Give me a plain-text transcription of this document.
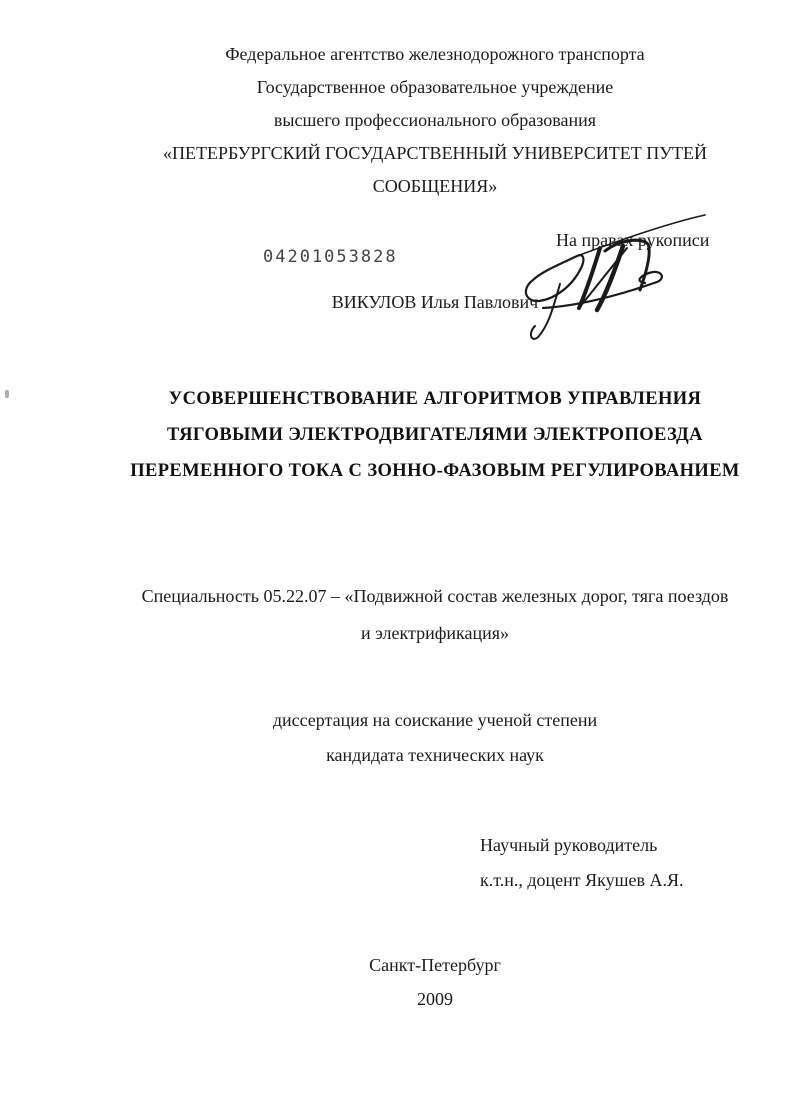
Федеральное агентство железнодорожного транспорта
Государственное образовательное учреждение
высшего профессионального образования
«ПЕТЕРБУРГСКИЙ ГОСУДАРСТВЕННЫЙ УНИВЕРСИТЕТ ПУТЕЙ
СООБЩЕНИЯ»
04201053828
На правах рукописи
ВИКУЛОВ Илья Павлович
УСОВЕРШЕНСТВОВАНИЕ АЛГОРИТМОВ УПРАВЛЕНИЯ
ТЯГОВЫМИ ЭЛЕКТРОДВИГАТЕЛЯМИ ЭЛЕКТРОПОЕЗДА
ПЕРЕМЕННОГО ТОКА С ЗОННО-ФАЗОВЫМ РЕГУЛИРОВАНИЕМ
Специальность 05.22.07 – «Подвижной состав железных дорог, тяга поездов
и электрификация»
диссертация на соискание ученой степени
кандидата технических наук
Научный руководитель
к.т.н., доцент Якушев А.Я.
Санкт-Петербург
2009
